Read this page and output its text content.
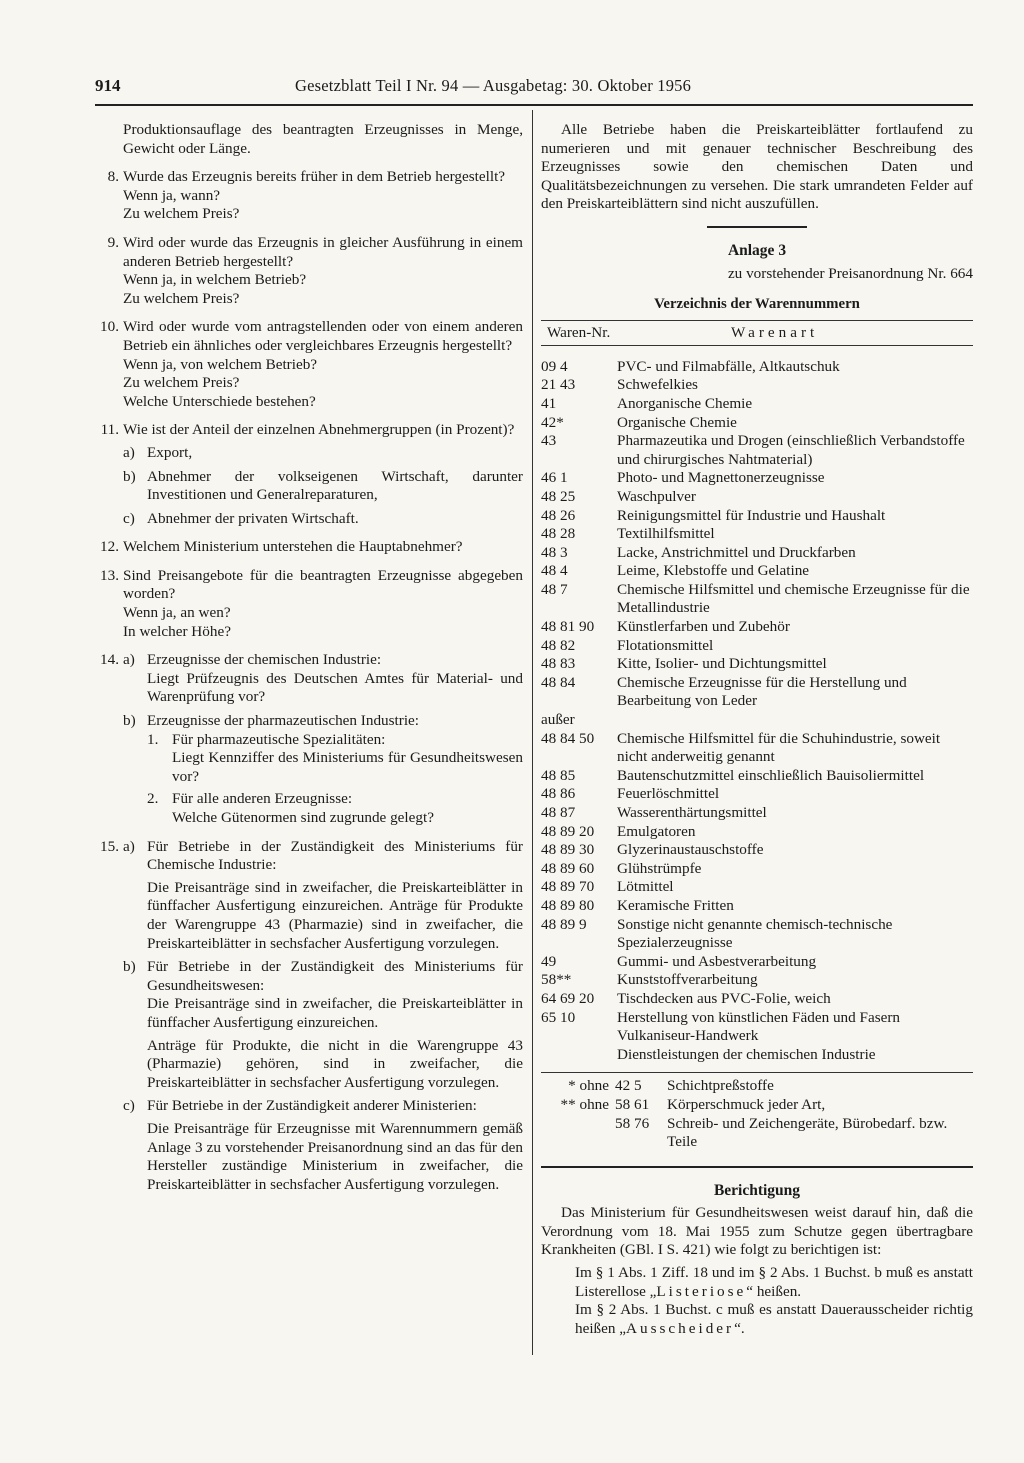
914	Gesetzblatt Teil I Nr. 94 — Ausgabetag: 30. Oktober 1956

Produktionsauflage des beantragten Erzeugnisses in Menge, Gewicht oder Länge.

8. Wurde das Erzeugnis bereits früher in dem Betrieb hergestellt?

Wenn ja, wann?

Zu welchem Preis?

9. Wird oder wurde das Erzeugnis in gleicher Ausführung in einem anderen Betrieb hergestellt?

Wenn ja, in welchem Betrieb?

Zu welchem Preis?

10. Wird oder wurde vom antragstellenden oder von einem anderen Betrieb ein ähnliches oder vergleichbares Erzeugnis hergestellt?

Wenn ja, von welchem Betrieb?

Zu welchem Preis?

Welche Unterschiede bestehen?

11. Wie ist der Anteil der einzelnen Abnehmergruppen (in Prozent)?

a) Export,

b) Abnehmer der volkseigenen Wirtschaft, darunter Investitionen und Generalreparaturen,

c) Abnehmer der privaten Wirtschaft.

12. Welchem Ministerium unterstehen die Hauptabnehmer?

13. Sind Preisangebote für die beantragten Erzeugnisse abgegeben worden?

Wenn ja, an wen?

In welcher Höhe?

14. a) Erzeugnisse der chemischen Industrie:

Liegt Prüfzeugnis des Deutschen Amtes für Material- und Warenprüfung vor?

b) Erzeugnisse der pharmazeutischen Industrie:

1. Für pharmazeutische Spezialitäten:

Liegt Kennziffer des Ministeriums für Gesundheitswesen vor?

2. Für alle anderen Erzeugnisse:

Welche Gütenormen sind zugrunde gelegt?

15. a) Für Betriebe in der Zuständigkeit des Ministeriums für Chemische Industrie:

Die Preisanträge sind in zweifacher, die Preiskarteiblätter in fünffacher Ausfertigung einzureichen. Anträge für Produkte der Warengruppe 43 (Pharmazie) sind in zweifacher, die Preiskarteiblätter in sechsfacher Ausfertigung vorzulegen.

b) Für Betriebe in der Zuständigkeit des Ministeriums für Gesundheitswesen:

Die Preisanträge sind in zweifacher, die Preiskarteiblätter in fünffacher Ausfertigung einzureichen.

Anträge für Produkte, die nicht in die Warengruppe 43 (Pharmazie) gehören, sind in zweifacher, die Preiskarteiblätter in sechsfacher Ausfertigung vorzulegen.

c) Für Betriebe in der Zuständigkeit anderer Ministerien:

Die Preisanträge für Erzeugnisse mit Warennummern gemäß Anlage 3 zu vorstehender Preisanordnung sind an das für den Hersteller zuständige Ministerium in zweifacher, die Preiskarteiblätter in sechsfacher Ausfertigung vorzulegen.

Alle Betriebe haben die Preiskarteiblätter fortlaufend zu numerieren und mit genauer technischer Beschreibung des Erzeugnisses sowie den chemischen Daten und Qualitätsbezeichnungen zu versehen. Die stark umrandeten Felder auf den Preiskarteiblättern sind nicht auszufüllen.

Anlage 3

zu vorstehender Preisanordnung Nr. 664

Verzeichnis der Warennummern

Waren-Nr.	Warenart
09 4	PVC- und Filmabfälle, Altkautschuk
21 43	Schwefelkies
41	Anorganische Chemie
42*	Organische Chemie
43	Pharmazeutika und Drogen (einschließlich Verbandstoffe und chirurgisches Nahtmaterial)
46 1	Photo- und Magnettonerzeugnisse
48 25	Waschpulver
48 26	Reinigungsmittel für Industrie und Haushalt
48 28	Textilhilfsmittel
48 3	Lacke, Anstrichmittel und Druckfarben
48 4	Leime, Klebstoffe und Gelatine
48 7	Chemische Hilfsmittel und chemische Erzeugnisse für die Metallindustrie
48 81 90	Künstlerfarben und Zubehör
48 82	Flotationsmittel
48 83	Kitte, Isolier- und Dichtungsmittel
48 84	Chemische Erzeugnisse für die Herstellung und Bearbeitung von Leder
außer
48 84 50	Chemische Hilfsmittel für die Schuhindustrie, soweit nicht anderweitig genannt
48 85	Bautenschutzmittel einschließlich Bauisoliermittel
48 86	Feuerlöschmittel
48 87	Wasserenthärtungsmittel
48 89 20	Emulgatoren
48 89 30	Glyzerinaustauschstoffe
48 89 60	Glühstrümpfe
48 89 70	Lötmittel
48 89 80	Keramische Fritten
48 89 9	Sonstige nicht genannte chemisch-technische Spezialerzeugnisse
49	Gummi- und Asbestverarbeitung
58**	Kunststoffverarbeitung
64 69 20	Tischdecken aus PVC-Folie, weich
65 10	Herstellung von künstlichen Fäden und Fasern
Vulkaniseur-Handwerk
Dienstleistungen der chemischen Industrie
* ohne 42 5	Schichtpreßstoffe
** ohne 58 61	Körperschmuck jeder Art,
58 76	Schreib- und Zeichengeräte, Bürobedarf. bzw. Teile

Berichtigung

Das Ministerium für Gesundheitswesen weist darauf hin, daß die Verordnung vom 18. Mai 1955 zum Schutze gegen übertragbare Krankheiten (GBl. I S. 421) wie folgt zu berichtigen ist:

Im § 1 Abs. 1 Ziff. 18 und im § 2 Abs. 1 Buchst. b muß es anstatt Listerellose „Listeriose“ heißen.

Im § 2 Abs. 1 Buchst. c muß es anstatt Dauerausscheider richtig heißen „Ausscheider“.
